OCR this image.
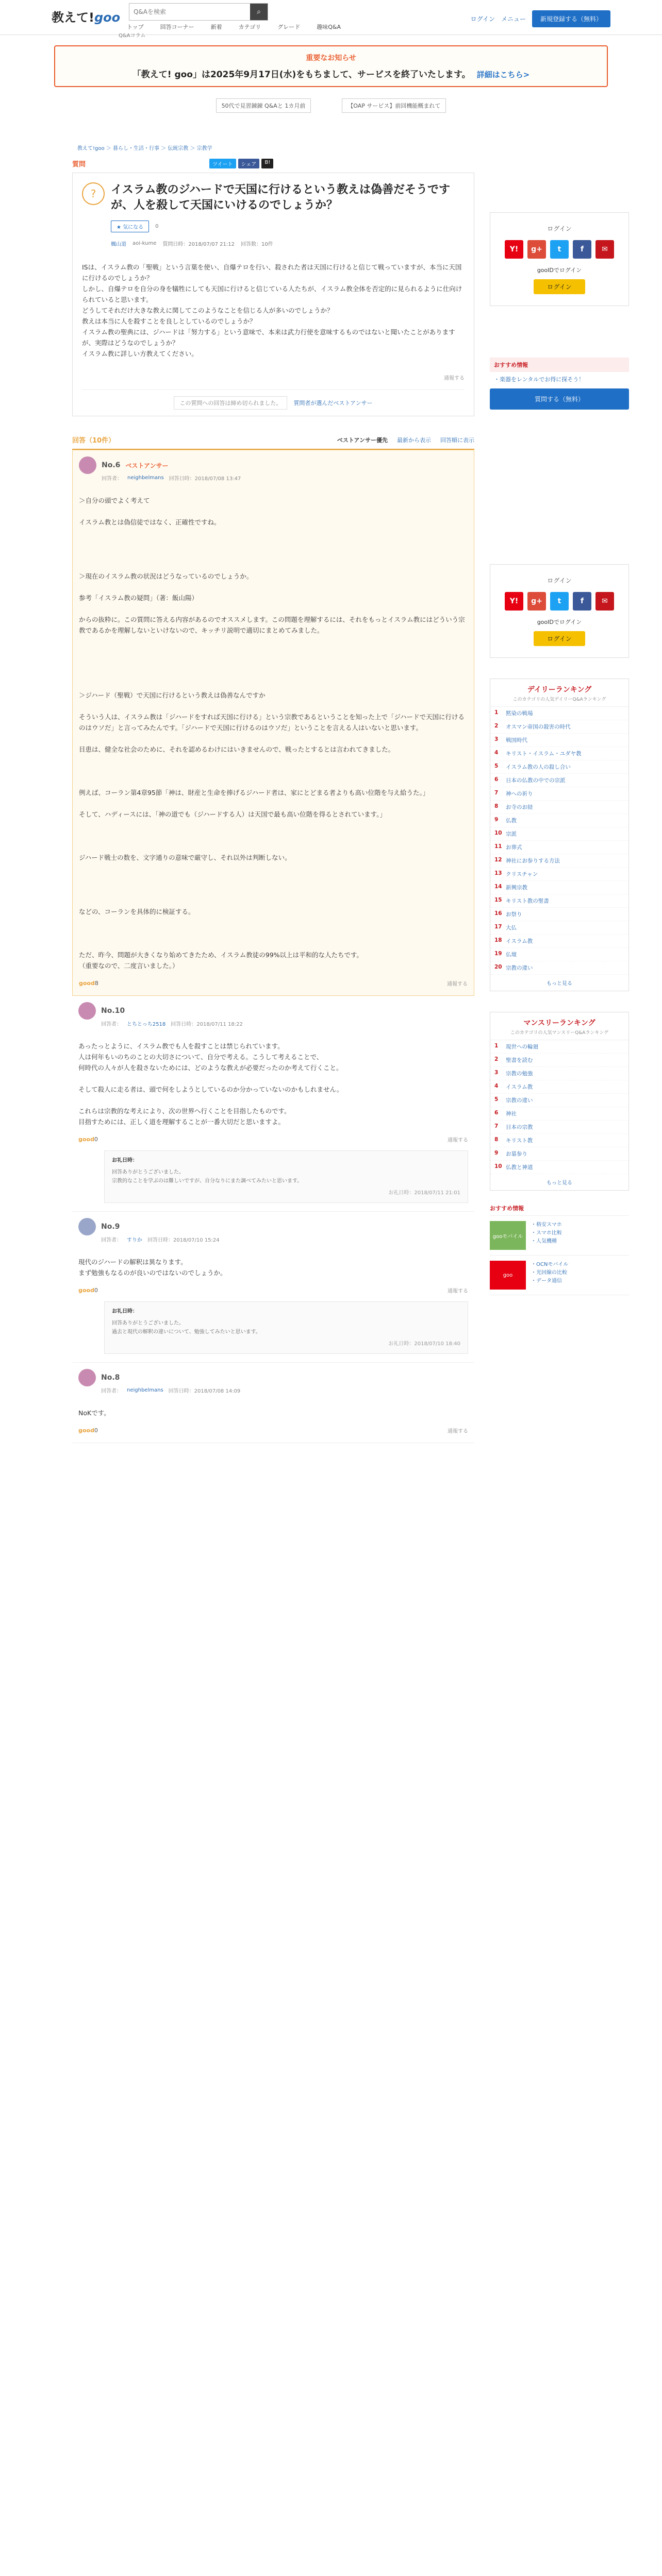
教えて!goo
Q&Aを検索	⌕
トップ	回答コーナー	新着	カテゴリ	グレード	趣味Q&A
Q&Aコラム
ログイン メニュー	新規登録する（無料）
重要なお知らせ
「教えて! goo」は2025年9月17日(水)をもちまして、サービスを終了いたします。 詳細はこちら>
50代で見習錬錬 Q&Aと 1カ月前	【OAP サービス】前回機能概まれて
教えて!goo ＞ 暮らし・生活・行事 ＞ 伝統宗教 ＞ 宗教学
質問	ツイート	シェア	B!
?	イスラム教のジハードで天国に行けるという教えは偽善だそうですが、人を殺して天国にいけるのでしょうか？
★ 気になる	0
楓山道 aoi-kume 質問日時：2018/07/07 21:12 回答数：10件
ISは、イスラム教の「聖戦」という言葉を使い、自爆テロを行い、殺された者は天国に行けると信じて戦っていますが、本当に天国に行けるのでしょうか？
しかし、自爆テロを自分の身を犠牲にしても天国に行けると信じている人たちが、イスラム教全体を否定的に見られるように仕向けられていると思います。
どうしてそれだけ大きな教えに関してこのようなことを信じる人が多いのでしょうか？
教えは本当に人を殺すことを良しとしているのでしょうか？
イスラム教の聖典には、ジハードは「努力する」という意味で、本来は武力行使を意味するものではないと聞いたことがありますが、実際はどうなのでしょうか？
イスラム教に詳しい方教えてください。
通報する
この質問への回答は締め切られました。	質問者が選んだベストアンサー
回答（10件）	ベストアンサー優先 最新から表示 回答順に表示
No.6 ベストアンサー
回答者： neighbelmans 回答日時：2018/07/08 13:47
＞自分の頭でよく考えて

イスラム教とは偽信徒ではなく、正確性ですね。

＞現在のイスラム教の状況はどうなっているのでしょうか。

参考「イスラム教の疑問」（著：飯山陽）

からの抜粋に。この質問に答える内容があるのでオススメします。この問題を理解するには、それをもっとイスラム教にはどういう宗教であるかを理解しないといけないので、キッチリ説明で適切にまとめてみました。

＞ジハード（聖戦）で天国に行けるという教えは偽善なんですか

そういう人は、イスラム教は「ジハードをすれば天国に行ける」という宗教であるということを知った上で「ジハードで天国に行けるのはウソだ」と言ってみたんです。「ジハードで天国に行けるのはウソだ」ということを言える人はいないと思います。

目患は、健全な社会のために、それを認めるわけにはいきませんので、戦ったとするとは言われてきました。

例えば、コーラン第4章95節「神は、財産と生命を捧げるジハード者は、家にとどまる者よりも高い位階を与え給うた。」

そして、ハディースには、「神の道でも（ジハードする人）は天国で最も高い位階を得るとされています。」

ジハード戦士の数を、文字通りの意味で厳守し、それ以外は判断しない。

などの、コーランを具体的に検証する。

ただ、昨今、問題が大きくなり始めてきたため、イスラム教徒の99%以上は平和的な人たちです。
（重要なので、二度言いました。）
good 8	通報する
No.10
回答者： とちとっち2518 回答日時：2018/07/11 18:22
あったっとように、イスラム教でも人を殺すことは禁じられています。
人は何年もいのちのことの大切さについて、自分で考える。こうして考えることで、
何時代の人々が人を殺さないためには、どのような教えが必要だったのか考えて行くこと。

そして殺人に走る者は、頭で何をしようとしているのか分かっていないのかもしれません。

これらは宗教的な考えにより、次の世界へ行くことを目指したものです。
目指すためには、正しく道を理解することが一番大切だと思いますよ。
good 0	通報する
お礼日時：
回答ありがとうございました。
宗教的なことを学ぶのは難しいですが、自分なりにまた調べてみたいと思います。
お礼日時：2018/07/11 21:01
No.9
回答者： すりか 回答日時：2018/07/10 15:24
現代のジハードの解釈は異なります。
まず勉強もなるのが良いのではないのでしょうか。
good 0	通報する
お礼日時：
回答ありがとうございました。
過去と現代の解釈の違いについて、勉強してみたいと思います。
お礼日時：2018/07/10 18:40
No.8
回答者： neighbelmans 回答日時：2018/07/08 14:09
NoKです。
good 0	通報する
ログイン
Y!	g+	t	f	✉
gooIDでログイン
ログイン
おすすめ情報
・楽器をレンタルでお得に探そう！
質問する（無料）
ログイン
Y!	g+	t	f	✉
gooIDでログイン
ログイン
デイリーランキング
このカテゴリの人気デイリーQ&Aランキング
1	黙染の戦場
2	オスマン帝国の殺害の時代
3	戦国時代
4	キリスト・イスラム・ユダヤ教
5	イスラム教の人の殺し合い
6	日本の仏教の中での宗派
7	神への祈り
8	お寺のお経
9	仏教
10 宗派
11 お葬式
12 神社にお参りする方法
13 クリスチャン
14 新興宗教
15 キリスト教の聖書
16 お祭り
17 大仏
18 イスラム教
19 仏壇
20 宗教の違い
もっと見る
マンスリーランキング
このカテゴリの人気マンスリーQ&Aランキング
1	現世への輪廻
2	聖書を読む
3	宗教の勉強
4	イスラム教
5	宗教の違い
6	神社
7	日本の宗教
8	キリスト教
9	お墓参り
10 仏教と神道
もっと見る
おすすめ情報
gooモバイル
・格安スマホ
・スマホ比較
・人気機種
goo
・OCNモバイル
・光回線の比較
・データ通信
